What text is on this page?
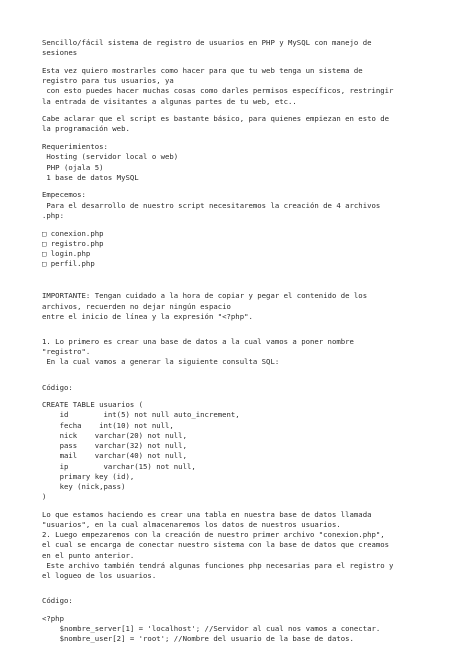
Sencillo/fácil sistema de registro de usuarios en PHP y MySQL con manejo de
sesiones
Esta vez quiero mostrarles como hacer para que tu web tenga un sistema de
registro para tus usuarios, ya
con esto puedes hacer muchas cosas como darles permisos específicos, restringir
la entrada de visitantes a algunas partes de tu web, etc..
Cabe aclarar que el script es bastante básico, para quienes empiezan en esto de
la programación web.
Requerimientos:
Hosting (servidor local o web)
PHP (ojala 5)
1 base de datos MySQL
Empecemos:
Para el desarrollo de nuestro script necesitaremos la creación de 4 archivos
.php:
□ conexion.php
□ registro.php
□ login.php
□ perfil.php
IMPORTANTE: Tengan cuidado a la hora de copiar y pegar el contenido de los
archivos, recuerden no dejar ningún espacio
entre el inicio de línea y la expresión "<?php".
1. Lo primero es crear una base de datos a la cual vamos a poner nombre
"registro".
En la cual vamos a generar la siguiente consulta SQL:
Código:
CREATE TABLE usuarios (
id        int(5) not null auto_increment,
fecha    int(10) not null,
nick    varchar(20) not null,
pass    varchar(32) not null,
mail    varchar(40) not null,
ip        varchar(15) not null,
primary key (id),
key (nick,pass)
)
Lo que estamos haciendo es crear una tabla en nuestra base de datos llamada
"usuarios", en la cual almacenaremos los datos de nuestros usuarios.
2. Luego empezaremos con la creación de nuestro primer archivo "conexion.php",
el cual se encarga de conectar nuestro sistema con la base de datos que creamos
en el punto anterior.
Este archivo también tendrá algunas funciones php necesarias para el registro y
el logueo de los usuarios.
Código:
<?php
$nombre_server[1] = 'localhost'; //Servidor al cual nos vamos a conectar.
$nombre_user[2] = 'root'; //Nombre del usuario de la base de datos.
